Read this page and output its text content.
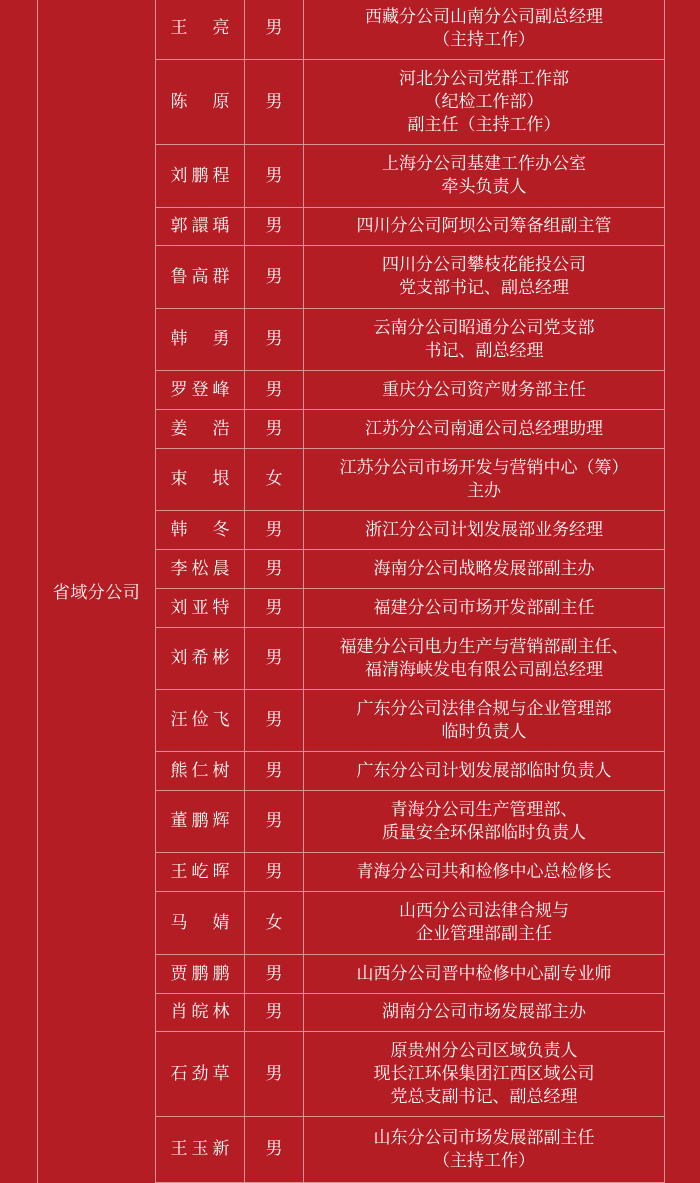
省域分公司
王　亮	男
西藏分公司山南分公司副总经理
（主持工作）
陈　原	男
河北分公司党群工作部
（纪检工作部）
副主任（主持工作）
刘鹏程	男
上海分公司基建工作办公室
牵头负责人
郭譞瑀	男	四川分公司阿坝公司筹备组副主管
鲁高群	男
四川分公司攀枝花能投公司
党支部书记、副总经理
韩　勇	男
云南分公司昭通分公司党支部
书记、副总经理
罗登峰	男	重庆分公司资产财务部主任
姜　浩	男	江苏分公司南通公司总经理助理
束　垠	女
江苏分公司市场开发与营销中心（筹）
主办
韩　冬	男	浙江分公司计划发展部业务经理
李松晨	男	海南分公司战略发展部副主办
刘亚特	男	福建分公司市场开发部副主任
刘希彬	男
福建分公司电力生产与营销部副主任、
福清海峡发电有限公司副总经理
汪俭飞	男
广东分公司法律合规与企业管理部
临时负责人
熊仁树	男	广东分公司计划发展部临时负责人
董鹏辉	男
青海分公司生产管理部、
质量安全环保部临时负责人
王屹晖	男	青海分公司共和检修中心总检修长
马　婧	女
山西分公司法律合规与
企业管理部副主任
贾鹏鹏	男	山西分公司晋中检修中心副专业师
肖皖林	男	湖南分公司市场发展部主办
石劲草	男
原贵州分公司区域负责人
现长江环保集团江西区域公司
党总支副书记、副总经理
王玉新	男
山东分公司市场发展部副主任
（主持工作）
